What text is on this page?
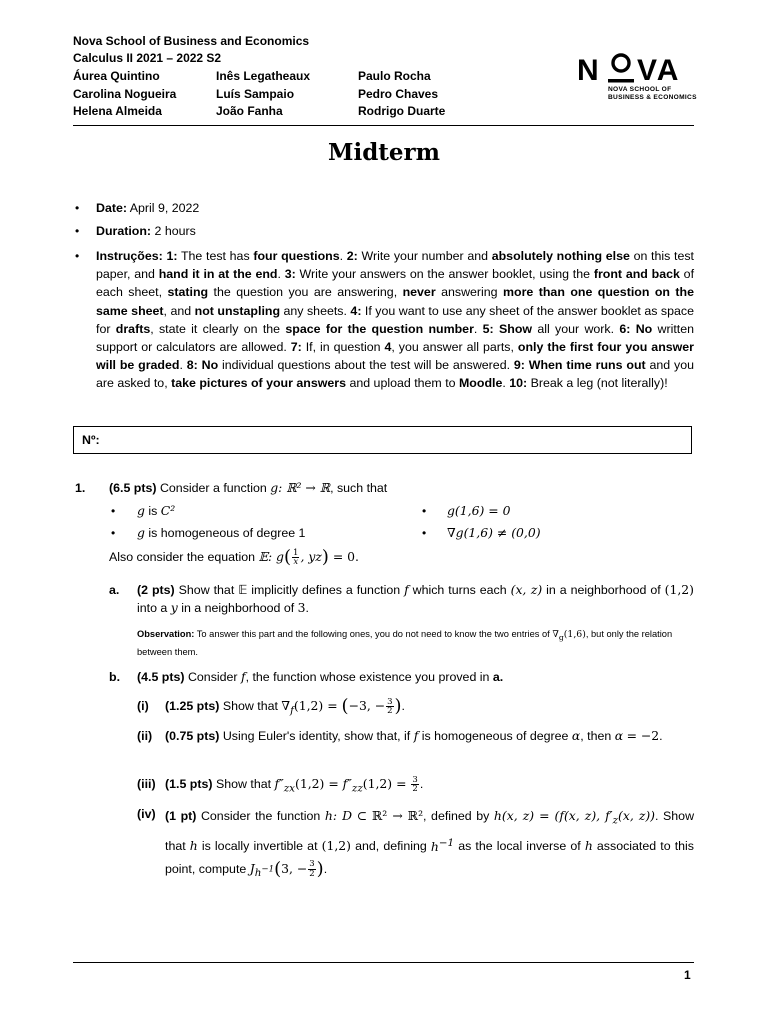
Nova School of Business and Economics
Calculus II 2021 – 2022 S2
Áurea Quintino
Carolina Nogueira
Helena Almeida
Inês Legatheaux
Luís Sampaio
João Fanha
Paulo Rocha
Pedro Chaves
Rodrigo Duarte
N VA
NOVA SCHOOL OF
BUSINESS & ECONOMICS
Midterm
• Date: April 9, 2022
• Duration: 2 hours
• Instruções: 1: The test has four questions. 2: Write your number and absolutely nothing else on this test paper, and hand it in at the end. 3: Write your answers on the answer booklet, using the front and back of each sheet, stating the question you are answering, never answering more than one question on the same sheet, and not unstapling any sheets. 4: If you want to use any sheet of the answer booklet as space for drafts, state it clearly on the space for the question number. 5: Show all your work. 6: No written support or calculators are allowed. 7: If, in question 4, you answer all parts, only the first four you answer will be graded. 8: No individual questions about the test will be answered. 9: When time runs out and you are asked to, take pictures of your answers and upload them to Moodle. 10: Break a leg (not literally)!
Nº:
1. (6.5 pts) Consider a function g: ℝ² → ℝ, such that
• g is C²	• g(1,6) = 0
• g is homogeneous of degree 1	• ∇g(1,6) ≠ (0,0)
Also consider the equation 𝔼: $g( \frac{1}{x}$ , yz) = 0.
a. (2 pts) Show that 𝔼 implicitly defines a function f which turns each (x, z) in a neighborhood of (1,2) into a y in a neighborhood of 3.
Observation: To answer this part and the following ones, you do not need to know the two entries of $\nabla_g(1,6)$, but only the relation between them.
b. (4.5 pts) Consider f, the function whose existence you proved in a.
(i) (1.25 pts) Show that $\nabla_f(1,2) = (-3$, − $\frac{3}{2}$ ).
(ii) (0.75 pts) Using Euler's identity, show that, if f is homogeneous of degree α, then α = −2.
(iii) (1.5 pts) Show that $f''_{zx}(1,2) = f''_{zz}(1,2) = \frac{3}{2}$ .
(iv) (1 pt) Consider the function h: D ⊂ ℝ² → ℝ², defined by h(x, z) = (f(x, z), $f'_z(x$, z)). Show that h is locally invertible at (1,2) and, defining $h^{-1}$ as the local inverse of h associated to this point, compute $J_{h^{-1}}(3$, − $\frac{3}{2}$ ).
1
